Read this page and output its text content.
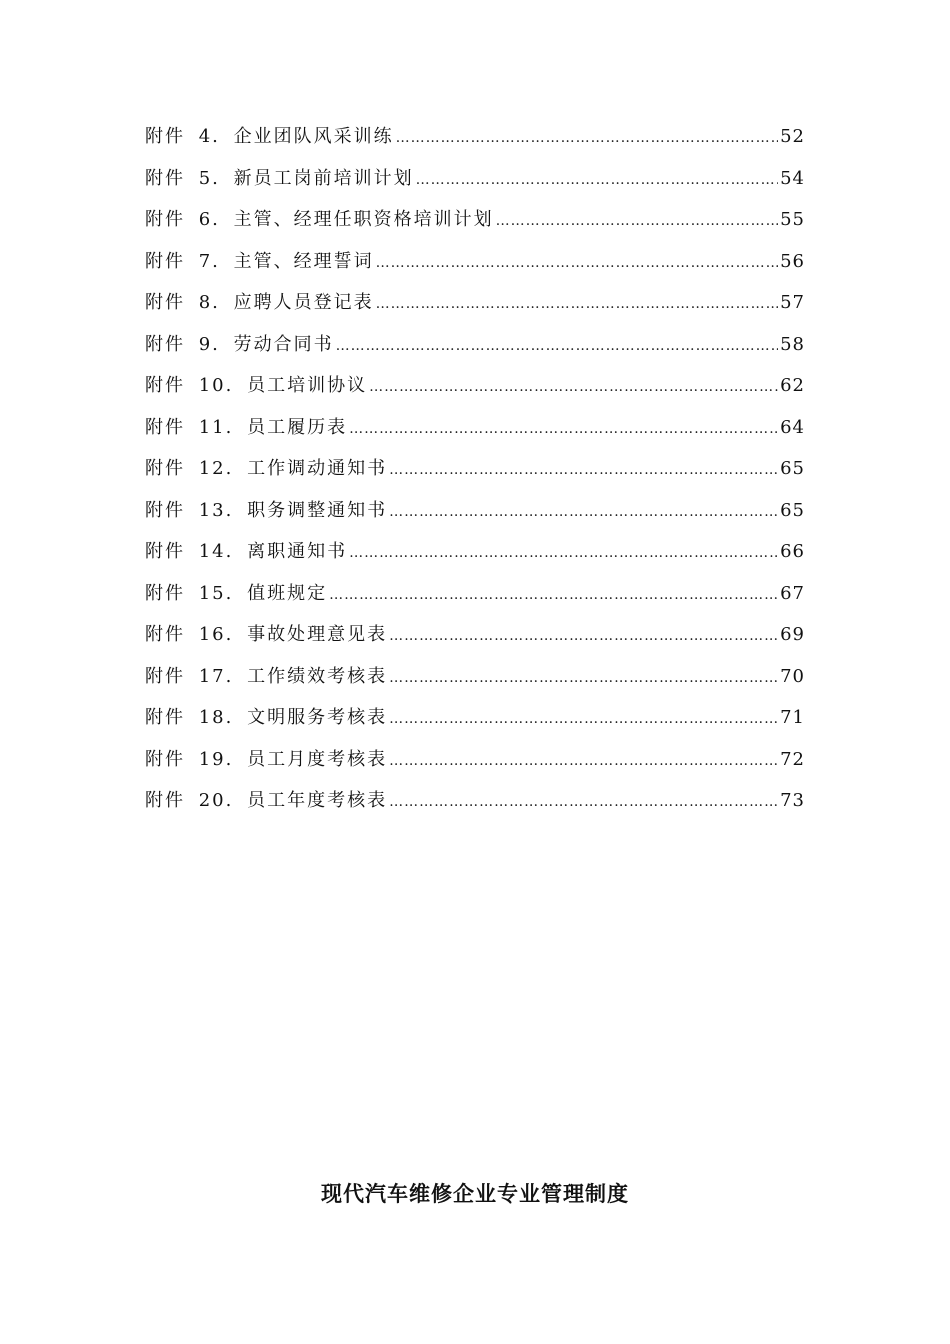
附件 4. 企业团队风采训练 …………………………………………………………………………………………………………………………………………	52
附件 5. 新员工岗前培训计划 …………………………………………………………………………………………………………………………………………	54
附件 6. 主管、经理任职资格培训计划 …………………………………………………………………………………………………………………………………………	55
附件 7. 主管、经理誓词 …………………………………………………………………………………………………………………………………………	56
附件 8. 应聘人员登记表 …………………………………………………………………………………………………………………………………………	57
附件 9. 劳动合同书 …………………………………………………………………………………………………………………………………………	58
附件 10. 员工培训协议 …………………………………………………………………………………………………………………………………………	62
附件 11. 员工履历表 …………………………………………………………………………………………………………………………………………	64
附件 12. 工作调动通知书 …………………………………………………………………………………………………………………………………………	65
附件 13. 职务调整通知书 …………………………………………………………………………………………………………………………………………	65
附件 14. 离职通知书 …………………………………………………………………………………………………………………………………………	66
附件 15. 值班规定 …………………………………………………………………………………………………………………………………………	67
附件 16. 事故处理意见表 …………………………………………………………………………………………………………………………………………	69
附件 17. 工作绩效考核表 …………………………………………………………………………………………………………………………………………	70
附件 18. 文明服务考核表 …………………………………………………………………………………………………………………………………………	71
附件 19. 员工月度考核表 …………………………………………………………………………………………………………………………………………	72
附件 20. 员工年度考核表 …………………………………………………………………………………………………………………………………………	73
现代汽车维修企业专业管理制度
